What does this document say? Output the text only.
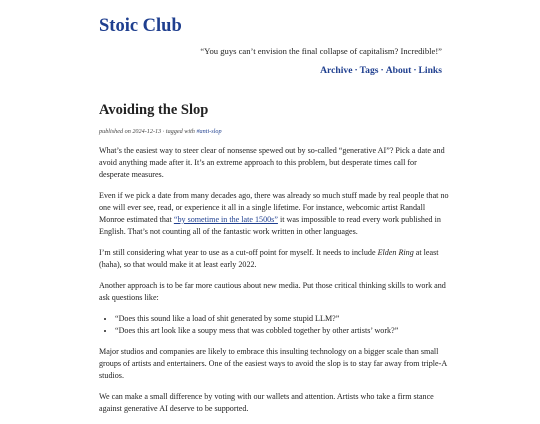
Stoic Club
“You guys can’t envision the final collapse of capitalism? Incredible!”
Archive · Tags · About · Links
Avoiding the Slop
published on 2024-12-13 · tagged with #anti-slop

What’s the easiest way to steer clear of nonsense spewed out by so-called “generative AI”? Pick a date and avoid anything made after it. It’s an extreme approach to this problem, but desperate times call for desperate measures.

Even if we pick a date from many decades ago, there was already so much stuff made by real people that no one will ever see, read, or experience it all in a single lifetime. For instance, webcomic artist Randall Monroe estimated that “by sometime in the late 1500s” it was impossible to read every work published in English. That’s not counting all of the fantastic work written in other languages.

I’m still considering what year to use as a cut-off point for myself. It needs to include Elden Ring at least (haha), so that would make it at least early 2022.

Another approach is to be far more cautious about new media. Put those critical thinking skills to work and ask questions like:

• “Does this sound like a load of shit generated by some stupid LLM?”
• “Does this art look like a soupy mess that was cobbled together by other artists’ work?”

Major studios and companies are likely to embrace this insulting technology on a bigger scale than small groups of artists and entertainers. One of the easiest ways to avoid the slop is to stay far away from triple-A studios.

We can make a small difference by voting with our wallets and attention. Artists who take a firm stance against generative AI deserve to be supported.
